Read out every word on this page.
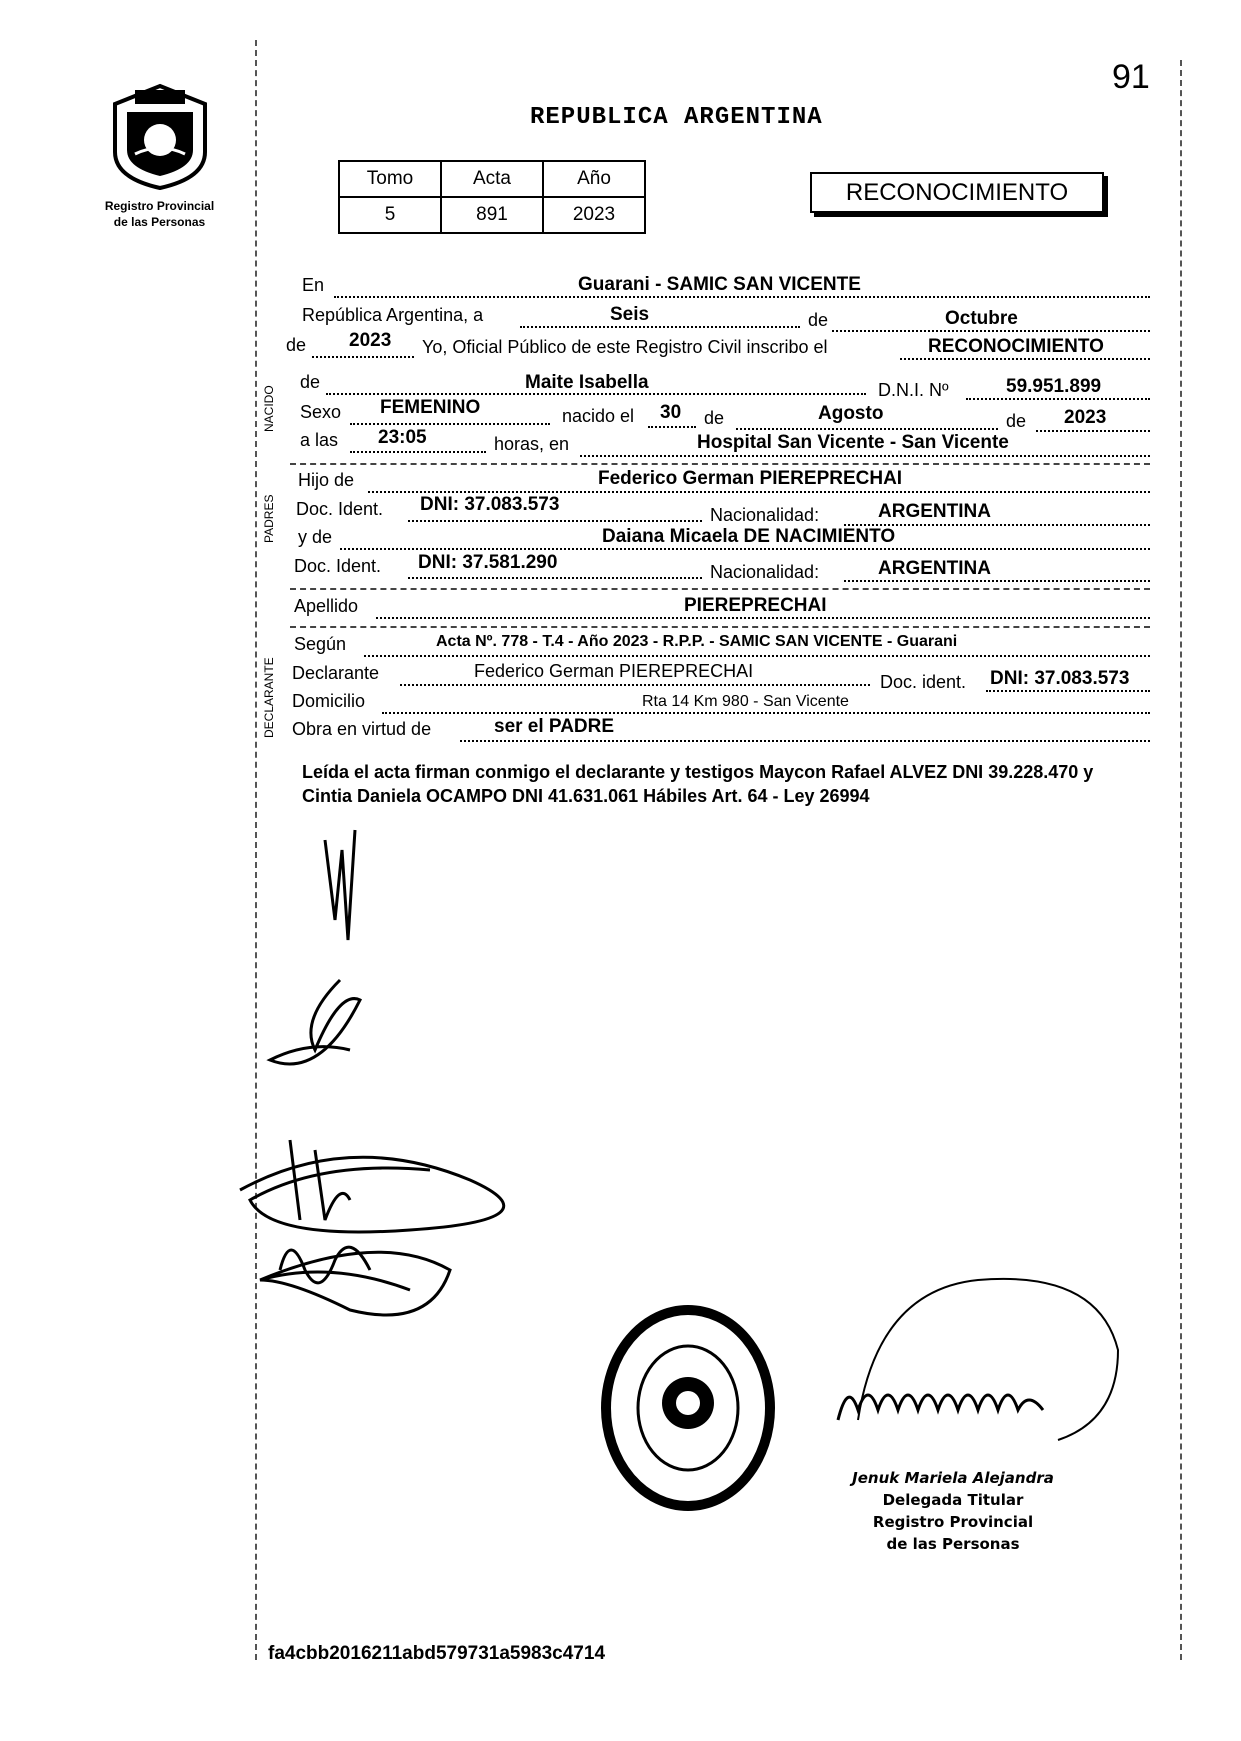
91
Registro Provincial
de las Personas
REPUBLICA ARGENTINA
Tomo	Acta	Año
5	891	2023
RECONOCIMIENTO
NACIDO
PADRES
DECLARANTE
En	Guarani - SAMIC SAN VICENTE
República Argentina, a	Seis	de	Octubre
de 2023 Yo, Oficial Público de este Registro Civil inscribo el	RECONOCIMIENTO
de	Maite Isabella	D.N.I. Nº	59.951.899
Sexo FEMENINO	nacido el 30 de	Agosto	de 2023
a las 23:05	horas, en	Hospital San Vicente - San Vicente
Hijo de	Federico German PIEREPRECHAI
Doc. Ident. DNI: 37.083.573	Nacionalidad:	ARGENTINA
y de	Daiana Micaela DE NACIMIENTO
Doc. Ident. DNI: 37.581.290	Nacionalidad:	ARGENTINA
Apellido	PIEREPRECHAI
Según	Acta Nº. 778 - T.4 - Año 2023 - R.P.P. - SAMIC SAN VICENTE - Guarani
Declarante	Federico German PIEREPRECHAI
Doc. ident. DNI: 37.083.573
Domicilio	Rta 14 Km 980 - San Vicente
Obra en virtud de	ser el PADRE
Leída el acta firman conmigo el declarante y testigos Maycon Rafael ALVEZ DNI 39.228.470 y Cintia Daniela OCAMPO DNI 41.631.061 Hábiles Art. 64 - Ley 26994
Jenuk Mariela Alejandra
Delegada Titular
Registro Provincial
de las Personas
fa4cbb2016211abd579731a5983c4714
